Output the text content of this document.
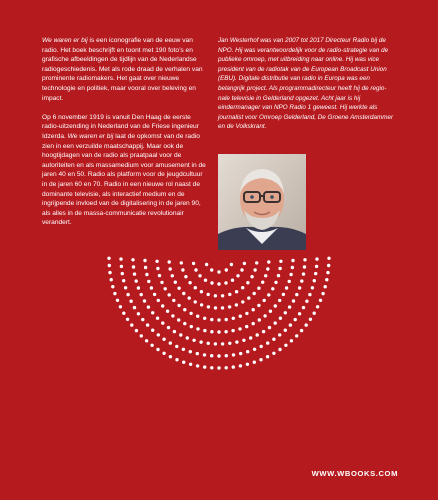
We waren er bij is een iconografie van de eeuw van radio. Het boek beschrijft en toont met 190 foto’s en grafische afbeeldingen de tijdlijn van de Nederlandse radiogeschiedenis. Met als rode draad de verhalen van prominente radiomakers. Het gaat over nieuwe technologie en politiek, maar vooral over beleving en impact.

Op 6 november 1919 is vanuit Den Haag de eerste radio-uitzending in Nederland van de Friese ingenieur Idzerda. We waren er bij laat de opkomst van de radio zien in een verzuilde maatschappij. Maar ook de hoogtijdagen van de radio als praatpaal voor de autoriteiten en als massamedium voor amusement in de jaren 40 en 50. Radio als platform voor de jeugdcultuur in de jaren 60 en 70. Radio in een nieuwe rol naast de dominante televisie, als interactief medium en de ingrijpende invloed van de digitalisering in de jaren 90, als alles in de massa-communicatie revolutionair verandert.

Jan Westerhof was van 2007 tot 2017 Directeur Radio bij de NPO. Hij was verantwoordelijk voor de radio-strategie van de publieke omroep, met uitbreiding naar online. Hij was vice president van de radiotak van de European Broadcast Union (EBU). Digitale distributie van radio in Europa was een belangrijk project. Als programmadirecteur heeft hij de regio-nale televisie in Gelderland opgezet. Acht jaar is hij eindermanager van NPO Radio 1 geweest. Hij werkte als journalist voor Omroep Gelderland, De Groene Amsterdammer en de Volkskrant.
WWW.WBOOKS.COM
